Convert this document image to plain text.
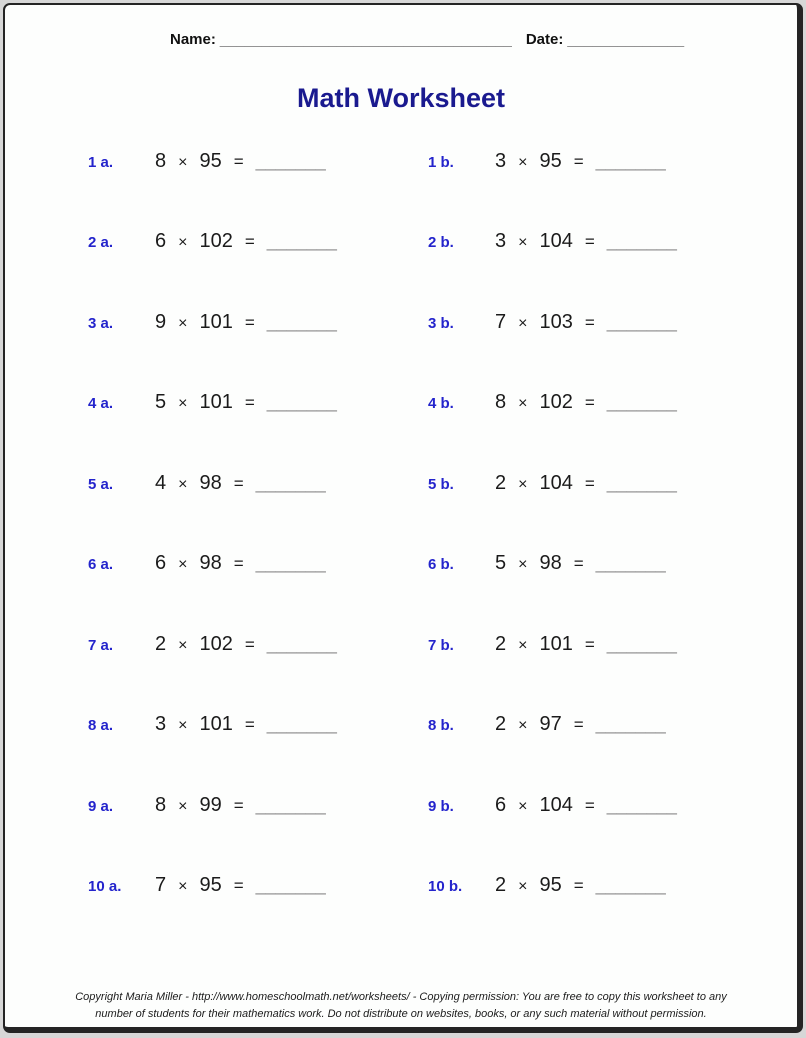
Name: ___________________________________ Date: ______________
Math Worksheet
1 a.	8 × 95 = _______	1 b.	3 × 95 = _______
2 a.	6 × 102 = _______	2 b.	3 × 104 = _______
3 a.	9 × 101 = _______	3 b.	7 × 103 = _______
4 a.	5 × 101 = _______	4 b.	8 × 102 = _______
5 a.	4 × 98 = _______	5 b.	2 × 104 = _______
6 a.	6 × 98 = _______	6 b.	5 × 98 = _______
7 a.	2 × 102 = _______	7 b.	2 × 101 = _______
8 a.	3 × 101 = _______	8 b.	2 × 97 = _______
9 a.	8 × 99 = _______	9 b.	6 × 104 = _______
10 a.	7 × 95 = _______	10 b.	2 × 95 = _______
Copyright Maria Miller - http://www.homeschoolmath.net/worksheets/ - Copying permission: You are free to copy this worksheet to any
number of students for their mathematics work. Do not distribute on websites, books, or any such material without permission.
